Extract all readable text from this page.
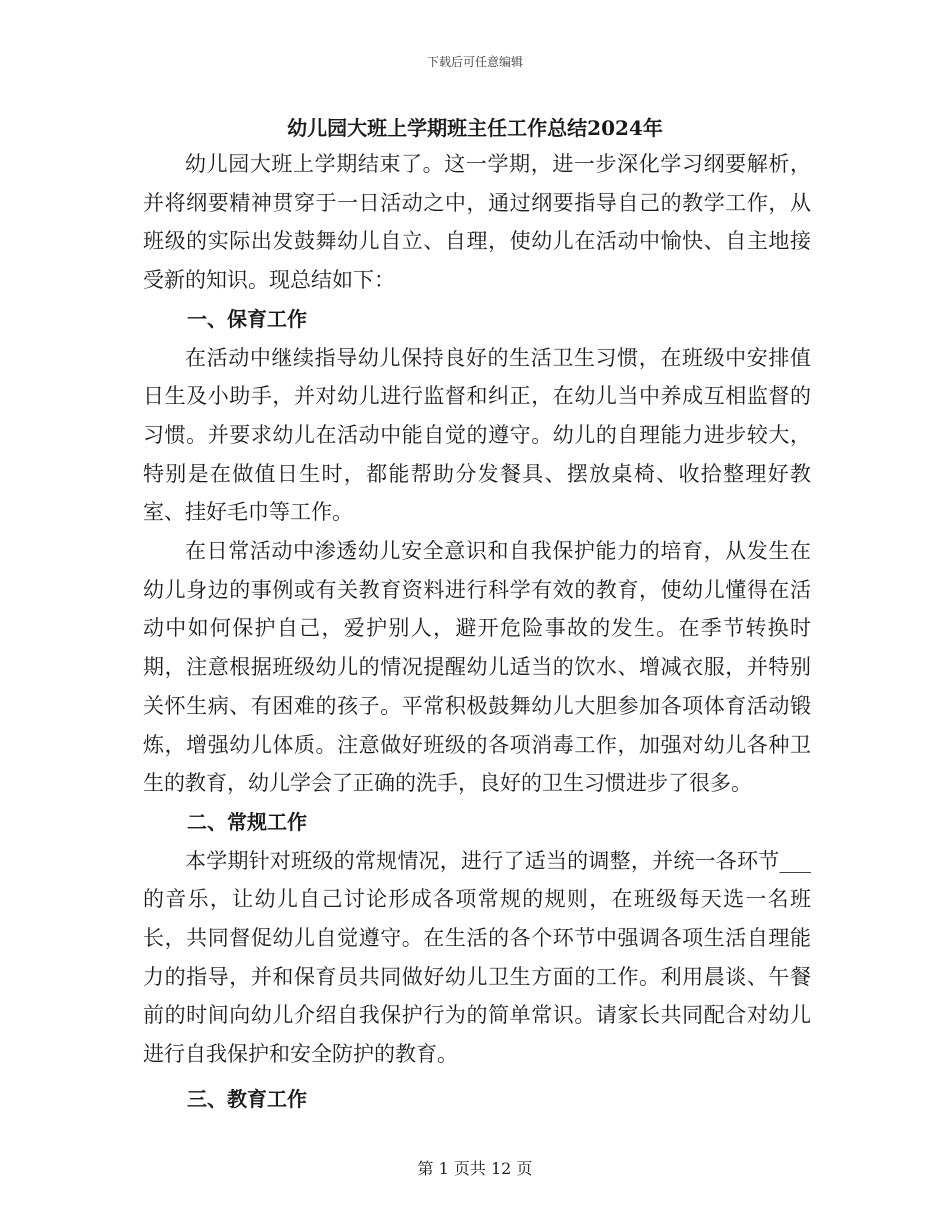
下载后可任意编辑
幼儿园大班上学期班主任工作总结2024年

幼儿园大班上学期结束了。这一学期，进一步深化学习纲要解析，并将纲要精神贯穿于一日活动之中，通过纲要指导自己的教学工作，从班级的实际出发鼓舞幼儿自立、自理，使幼儿在活动中愉快、自主地接受新的知识。现总结如下：

一、保育工作

在活动中继续指导幼儿保持良好的生活卫生习惯，在班级中安排值日生及小助手，并对幼儿进行监督和纠正，在幼儿当中养成互相监督的习惯。并要求幼儿在活动中能自觉的遵守。幼儿的自理能力进步较大，特别是在做值日生时，都能帮助分发餐具、摆放桌椅、收拾整理好教室、挂好毛巾等工作。

在日常活动中渗透幼儿安全意识和自我保护能力的培育，从发生在幼儿身边的事例或有关教育资料进行科学有效的教育，使幼儿懂得在活动中如何保护自己，爱护别人，避开危险事故的发生。在季节转换时期，注意根据班级幼儿的情况提醒幼儿适当的饮水、增减衣服，并特别关怀生病、有困难的孩子。平常积极鼓舞幼儿大胆参加各项体育活动锻炼，增强幼儿体质。注意做好班级的各项消毒工作，加强对幼儿各种卫生的教育，幼儿学会了正确的洗手，良好的卫生习惯进步了很多。

二、常规工作

本学期针对班级的常规情况，进行了适当的调整，并统一各环节___的音乐，让幼儿自己讨论形成各项常规的规则，在班级每天选一名班长，共同督促幼儿自觉遵守。在生活的各个环节中强调各项生活自理能力的指导，并和保育员共同做好幼儿卫生方面的工作。利用晨谈、午餐前的时间向幼儿介绍自我保护行为的简单常识。请家长共同配合对幼儿进行自我保护和安全防护的教育。

三、教育工作
第 1 页共 12 页
